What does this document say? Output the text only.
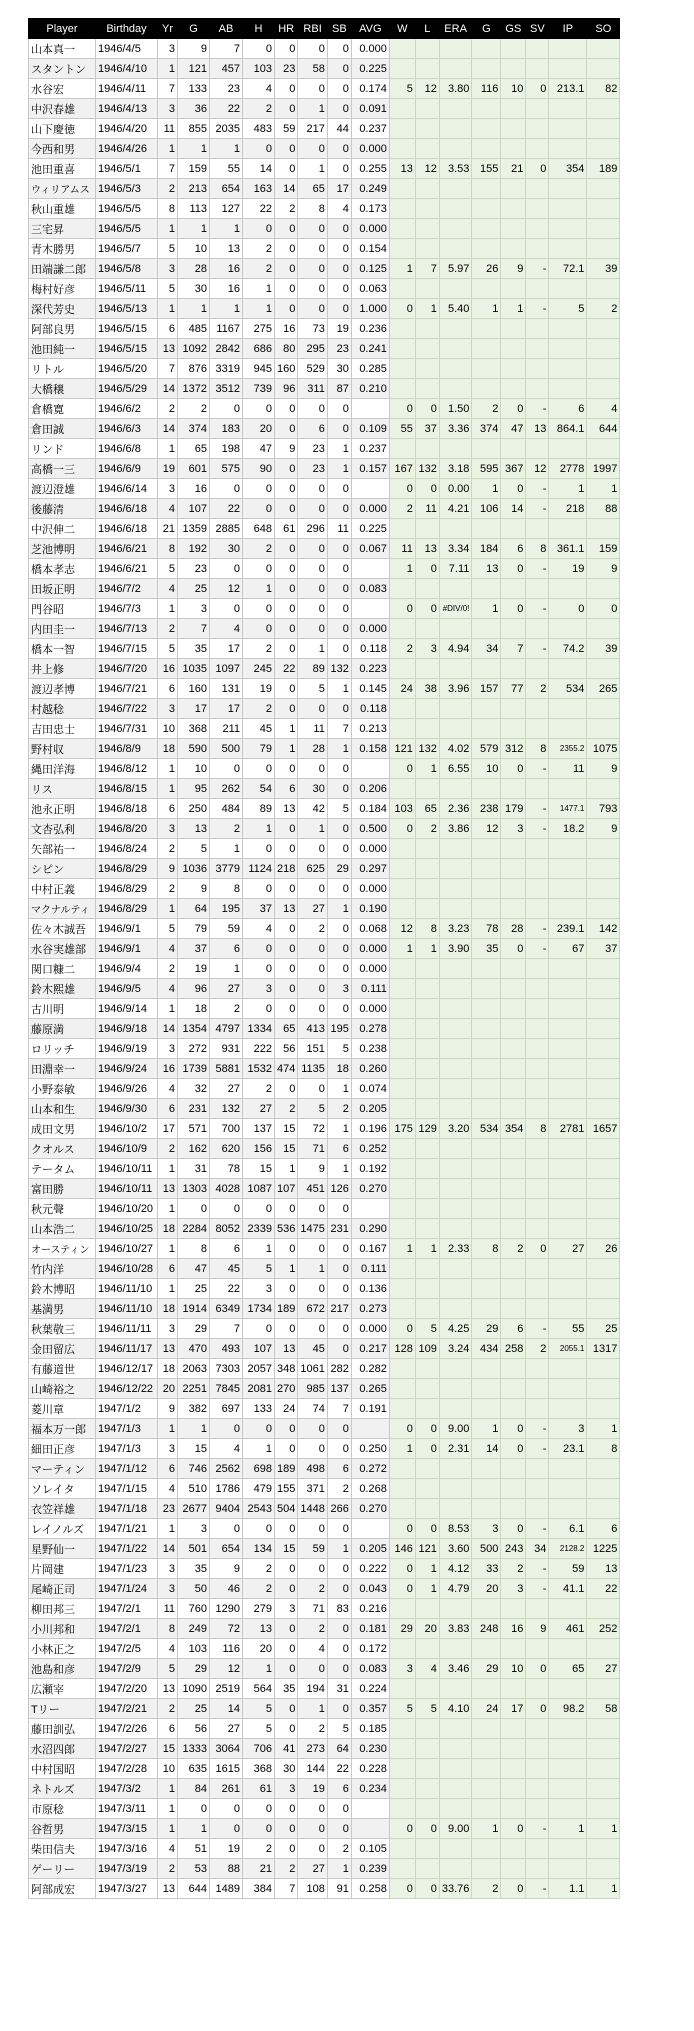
Player	Birthday	Yr	G	AB	H	HR	RBI	SB	AVG	W	L	ERA	G	GS	SV	IP	SO
山本真一	1946/4/5	3	9	7	0	0	0	0	0.000								
スタントン	1946/4/10	1	121	457	103	23	58	0	0.225								
水谷宏	1946/4/11	7	133	23	4	0	0	0	0.174	5	12	3.80	116	10	0	213.1	82
中沢春雄	1946/4/13	3	36	22	2	0	1	0	0.091								
山下慶徳	1946/4/20	11	855	2035	483	59	217	44	0.237								
今西和男	1946/4/26	1	1	1	0	0	0	0	0.000								
池田重喜	1946/5/1	7	159	55	14	0	1	0	0.255	13	12	3.53	155	21	0	354	189
ウィリアムス	1946/5/3	2	213	654	163	14	65	17	0.249								
秋山重雄	1946/5/5	8	113	127	22	2	8	4	0.173								
三宅昇	1946/5/5	1	1	1	0	0	0	0	0.000								
青木勝男	1946/5/7	5	10	13	2	0	0	0	0.154								
田端謙二郎	1946/5/8	3	28	16	2	0	0	0	0.125	1	7	5.97	26	9	-	72.1	39
梅村好彦	1946/5/11	5	30	16	1	0	0	0	0.063								
深代芳史	1946/5/13	1	1	1	1	0	0	0	1.000	0	1	5.40	1	1	-	5	2
阿部良男	1946/5/15	6	485	1167	275	16	73	19	0.236								
池田純一	1946/5/15	13	1092	2842	686	80	295	23	0.241								
リトル	1946/5/20	7	876	3319	945	160	529	30	0.285								
大橋穣	1946/5/29	14	1372	3512	739	96	311	87	0.210								
倉橋寛	1946/6/2	2	2	0	0	0	0	0		0	0	1.50	2	0	-	6	4
倉田誠	1946/6/3	14	374	183	20	0	6	0	0.109	55	37	3.36	374	47	13	864.1	644
リンド	1946/6/8	1	65	198	47	9	23	1	0.237								
高橋一三	1946/6/9	19	601	575	90	0	23	1	0.157	167	132	3.18	595	367	12	2778	1997
渡辺澄雄	1946/6/14	3	16	0	0	0	0	0		0	0	0.00	1	0	-	1	1
後藤清	1946/6/18	4	107	22	0	0	0	0	0.000	2	11	4.21	106	14	-	218	88
中沢伸二	1946/6/18	21	1359	2885	648	61	296	11	0.225								
芝池博明	1946/6/21	8	192	30	2	0	0	0	0.067	11	13	3.34	184	6	8	361.1	159
橋本孝志	1946/6/21	5	23	0	0	0	0	0		1	0	7.11	13	0	-	19	9
田坂正明	1946/7/2	4	25	12	1	0	0	0	0.083								
門谷昭	1946/7/3	1	3	0	0	0	0	0		0	0	#DIV/0!	1	0	-	0	0
内田圭一	1946/7/13	2	7	4	0	0	0	0	0.000								
橋本一智	1946/7/15	5	35	17	2	0	1	0	0.118	2	3	4.94	34	7	-	74.2	39
井上修	1946/7/20	16	1035	1097	245	22	89	132	0.223								
渡辺孝博	1946/7/21	6	160	131	19	0	5	1	0.145	24	38	3.96	157	77	2	534	265
村越稔	1946/7/22	3	17	17	2	0	0	0	0.118								
吉田忠士	1946/7/31	10	368	211	45	1	11	7	0.213								
野村収	1946/8/9	18	590	500	79	1	28	1	0.158	121	132	4.02	579	312	8	2355.2	1075
縄田洋海	1946/8/12	1	10	0	0	0	0	0		0	1	6.55	10	0	-	11	9
リス	1946/8/15	1	95	262	54	6	30	0	0.206								
池永正明	1946/8/18	6	250	484	89	13	42	5	0.184	103	65	2.36	238	179	-	1477.1	793
文杏弘利	1946/8/20	3	13	2	1	0	1	0	0.500	0	2	3.86	12	3	-	18.2	9
矢部祐一	1946/8/24	2	5	1	0	0	0	0	0.000								
シピン	1946/8/29	9	1036	3779	1124	218	625	29	0.297								
中村正義	1946/8/29	2	9	8	0	0	0	0	0.000								
マクナルティ	1946/8/29	1	64	195	37	13	27	1	0.190								
佐々木誠吾	1946/9/1	5	79	59	4	0	2	0	0.068	12	8	3.23	78	28	-	239.1	142
水谷実雄部	1946/9/1	4	37	6	0	0	0	0	0.000	1	1	3.90	35	0	-	67	37
関口糠二	1946/9/4	2	19	1	0	0	0	0	0.000								
鈴木熙雄	1946/9/5	4	96	27	3	0	0	3	0.111								
古川明	1946/9/14	1	18	2	0	0	0	0	0.000								
藤原満	1946/9/18	14	1354	4797	1334	65	413	195	0.278								
ロリッチ	1946/9/19	3	272	931	222	56	151	5	0.238								
田淵幸一	1946/9/24	16	1739	5881	1532	474	1135	18	0.260								
小野泰敏	1946/9/26	4	32	27	2	0	0	1	0.074								
山本和生	1946/9/30	6	231	132	27	2	5	2	0.205								
成田文男	1946/10/2	17	571	700	137	15	72	1	0.196	175	129	3.20	534	354	8	2781	1657
クオルス	1946/10/9	2	162	620	156	15	71	6	0.252								
テータム	1946/10/11	1	31	78	15	1	9	1	0.192								
富田勝	1946/10/11	13	1303	4028	1087	107	451	126	0.270								
秋元聲	1946/10/20	1	0	0	0	0	0	0									
山本浩二	1946/10/25	18	2284	8052	2339	536	1475	231	0.290								
オースティン	1946/10/27	1	8	6	1	0	0	0	0.167	1	1	2.33	8	2	0	27	26
竹内洋	1946/10/28	6	47	45	5	1	1	0	0.111								
鈴木博昭	1946/11/10	1	25	22	3	0	0	0	0.136								
基満男	1946/11/10	18	1914	6349	1734	189	672	217	0.273								
秋葉敬三	1946/11/11	3	29	7	0	0	0	0	0.000	0	5	4.25	29	6	-	55	25
金田留広	1946/11/17	13	470	493	107	13	45	0	0.217	128	109	3.24	434	258	2	2055.1	1317
有藤道世	1946/12/17	18	2063	7303	2057	348	1061	282	0.282								
山崎裕之	1946/12/22	20	2251	7845	2081	270	985	137	0.265								
菱川章	1947/1/2	9	382	697	133	24	74	7	0.191								
福本万一郎	1947/1/3	1	1	0	0	0	0	0		0	0	9.00	1	0	-	3	1
細田正彦	1947/1/3	3	15	4	1	0	0	0	0.250	1	0	2.31	14	0	-	23.1	8
マーティン	1947/1/12	6	746	2562	698	189	498	6	0.272								
ソレイタ	1947/1/15	4	510	1786	479	155	371	2	0.268								
衣笠祥雄	1947/1/18	23	2677	9404	2543	504	1448	266	0.270								
レイノルズ	1947/1/21	1	3	0	0	0	0	0		0	0	8.53	3	0	-	6.1	6
星野仙一	1947/1/22	14	501	654	134	15	59	1	0.205	146	121	3.60	500	243	34	2128.2	1225
片岡建	1947/1/23	3	35	9	2	0	0	0	0.222	0	1	4.12	33	2	-	59	13
尾崎正司	1947/1/24	3	50	46	2	0	2	0	0.043	0	1	4.79	20	3	-	41.1	22
柳田邦三	1947/2/1	11	760	1290	279	3	71	83	0.216								
小川邦和	1947/2/1	8	249	72	13	0	2	0	0.181	29	20	3.83	248	16	9	461	252
小林正之	1947/2/5	4	103	116	20	0	4	0	0.172								
池島和彦	1947/2/9	5	29	12	1	0	0	0	0.083	3	4	3.46	29	10	0	65	27
広瀬宰	1947/2/20	13	1090	2519	564	35	194	31	0.224								
Tリー	1947/2/21	2	25	14	5	0	1	0	0.357	5	5	4.10	24	17	0	98.2	58
藤田訓弘	1947/2/26	6	56	27	5	0	2	5	0.185								
水沼四郎	1947/2/27	15	1333	3064	706	41	273	64	0.230								
中村国昭	1947/2/28	10	635	1615	368	30	144	22	0.228								
ネトルズ	1947/3/2	1	84	261	61	3	19	6	0.234								
市原稔	1947/3/11	1	0	0	0	0	0	0									
谷哲男	1947/3/15	1	1	0	0	0	0	0		0	0	9.00	1	0	-	1	1
柴田信夫	1947/3/16	4	51	19	2	0	0	2	0.105								
ゲーリー	1947/3/19	2	53	88	21	2	27	1	0.239								
阿部成宏	1947/3/27	13	644	1489	384	7	108	91	0.258	0	0	33.76	2	0	-	1.1	1
